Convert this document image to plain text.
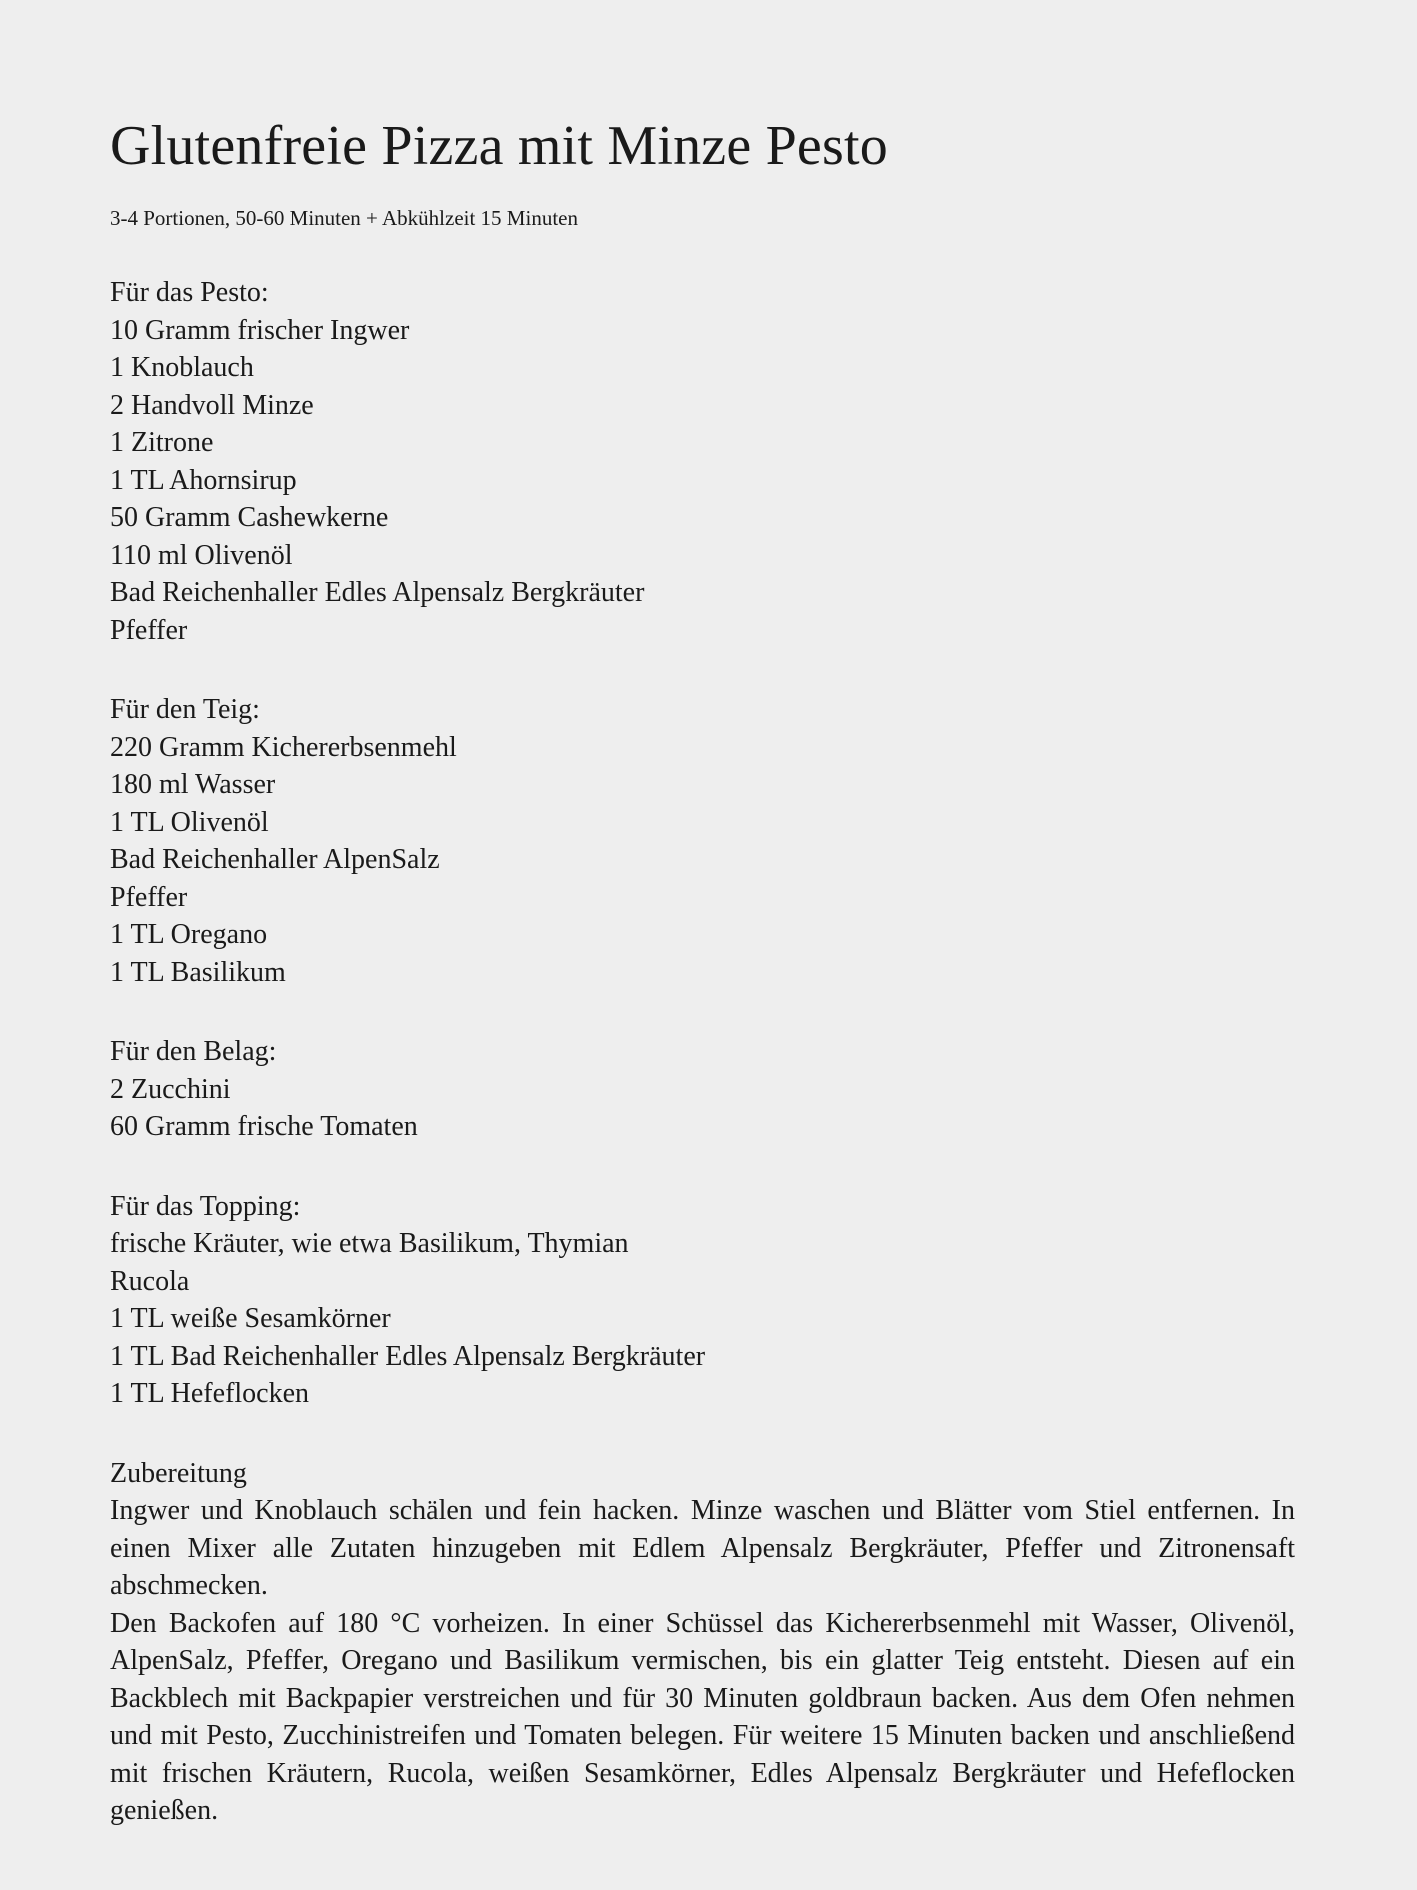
Glutenfreie Pizza mit Minze Pesto
3-4 Portionen, 50-60 Minuten + Abkühlzeit 15 Minuten
Für das Pesto:
10 Gramm frischer Ingwer
1 Knoblauch
2 Handvoll Minze
1 Zitrone
1 TL Ahornsirup
50 Gramm Cashewkerne
110 ml Olivenöl
Bad Reichenhaller Edles Alpensalz Bergkräuter
Pfeffer
Für den Teig:
220 Gramm Kichererbsenmehl
180 ml Wasser
1 TL Olivenöl
Bad Reichenhaller AlpenSalz
Pfeffer
1 TL Oregano
1 TL Basilikum
Für den Belag:
2 Zucchini
60 Gramm frische Tomaten
Für das Topping:
frische Kräuter, wie etwa Basilikum, Thymian
Rucola
1 TL weiße Sesamkörner
1 TL Bad Reichenhaller Edles Alpensalz Bergkräuter
1 TL Hefeflocken
Zubereitung
Ingwer und Knoblauch schälen und fein hacken. Minze waschen und Blätter vom Stiel entfernen. In einen Mixer alle Zutaten hinzugeben mit Edlem Alpensalz Bergkräuter, Pfeffer und Zitronensaft abschmecken.
Den Backofen auf 180 °C vorheizen. In einer Schüssel das Kichererbsenmehl mit Wasser, Olivenöl, AlpenSalz, Pfeffer, Oregano und Basilikum vermischen, bis ein glatter Teig entsteht. Diesen auf ein Backblech mit Backpapier verstreichen und für 30 Minuten goldbraun backen. Aus dem Ofen nehmen und mit Pesto, Zucchinistreifen und Tomaten belegen. Für weitere 15 Minuten backen und anschließend mit frischen Kräutern, Rucola, weißen Sesamkörner, Edles Alpensalz Bergkräuter und Hefeflocken genießen.
